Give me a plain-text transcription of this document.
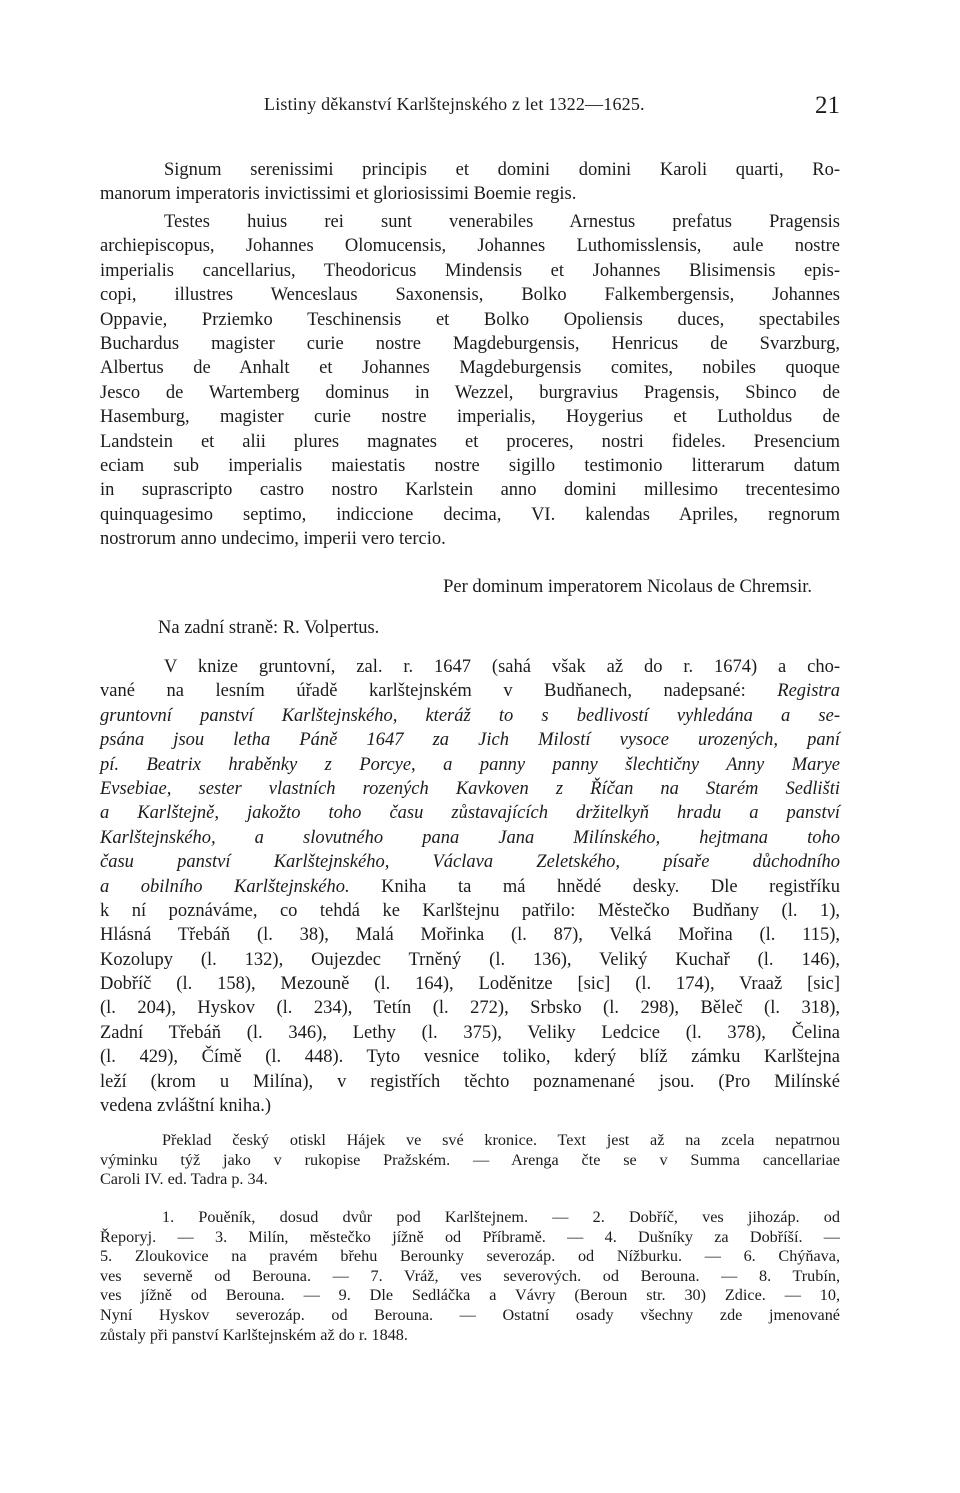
Listiny děkanství Karlštejnského z let 1322—1625.	21
Signum serenissimi principis et domini domini Karoli quarti, Ro-
manorum imperatoris invictissimi et gloriosissimi Boemie regis.
Testes huius rei sunt venerabiles Arnestus prefatus Pragensis
archiepiscopus, Johannes Olomucensis, Johannes Luthomisslensis, aule nostre
imperialis cancellarius, Theodoricus Mindensis et Johannes Blisimensis epis-
copi, illustres Wenceslaus Saxonensis, Bolko Falkembergensis, Johannes
Oppavie, Prziemko Teschinensis et Bolko Opoliensis duces, spectabiles
Buchardus magister curie nostre Magdeburgensis, Henricus de Svarzburg,
Albertus de Anhalt et Johannes Magdeburgensis comites, nobiles quoque
Jesco de Wartemberg dominus in Wezzel, burgravius Pragensis, Sbinco de
Hasemburg, magister curie nostre imperialis, Hoygerius et Lutholdus de
Landstein et alii plures magnates et proceres, nostri fideles. Presencium
eciam sub imperialis maiestatis nostre sigillo testimonio litterarum datum
in suprascripto castro nostro Karlstein anno domini millesimo trecentesimo
quinquagesimo septimo, indiccione decima, VI. kalendas Apriles, regnorum
nostrorum anno undecimo, imperii vero tercio.
Per dominum imperatorem Nicolaus de Chremsir.
Na zadní straně: R. Volpertus.
V knize gruntovní, zal. r. 1647 (sahá však až do r. 1674) a cho-
vané na lesním úřadě karlštejnském v Budňanech, nadepsané: Registra
gruntovní panství Karlštejnského, kteráž to s bedlivostí vyhledána a se-
psána jsou letha Páně 1647 za Jich Milostí vysoce urozených, paní
pí. Beatrix hraběnky z Porcye, a panny panny šlechtičny Anny Marye
Evsebiae, sester vlastních rozených Kavkoven z Říčan na Starém Sedlišti
a Karlštejně, jakožto toho času zůstavajících držitelkyň hradu a panství
Karlštejnského, a slovutného pana Jana Milínského, hejtmana toho
času panství Karlštejnského, Václava Zeletského, písaře důchodního
a obilního Karlštejnského. Kniha ta má hnědé desky. Dle registříku
k ní poznáváme, co tehdá ke Karlštejnu patřilo: Městečko Budňany (l. 1),
Hlásná Třebáň (l. 38), Malá Mořinka (l. 87), Velká Mořina (l. 115),
Kozolupy (l. 132), Oujezdec Trněný (l. 136), Veliký Kuchař (l. 146),
Dobříč (l. 158), Mezouně (l. 164), Loděnitze [sic] (l. 174), Vraaž [sic]
(l. 204), Hyskov (l. 234), Tetín (l. 272), Srbsko (l. 298), Běleč (l. 318),
Zadní Třebáň (l. 346), Lethy (l. 375), Veliky Ledcice (l. 378), Čelina
(l. 429), Čímě (l. 448). Tyto vesnice tolikо, kderý blíž zámku Karlštejna
leží (krom u Milína), v registřích těchto poznamenané jsou. (Pro Milínské
vedena zvláštní kniha.)
Překlad český otiskl Hájek ve své kronice. Text jest až na zcela nepatrnou
výminku týž jako v rukopise Pražském. — Arenga čte se v Summa cancellariae
Caroli IV. ed. Tadra p. 34.
1. Pouěník, dosud dvůr pod Karlštejnem. — 2. Dobříč, ves jihozáp. od
Řeporyj. — 3. Milín, městečko jížně od Příbramě. — 4. Dušníky za Dobříší. —
5. Zloukovice na pravém břehu Berounky severozáp. od Nížburku. — 6. Chýňava,
ves severně od Berouna. — 7. Vráž, ves severových. od Berouna. — 8. Trubín,
ves jížně od Berouna. — 9. Dle Sedláčka a Vávry (Beroun str. 30) Zdice. — 10,
Nyní Hyskov severozáp. od Berouna. — Ostatní osady všechny zde jmenované
zůstaly při panství Karlštejnském až do r. 1848.
